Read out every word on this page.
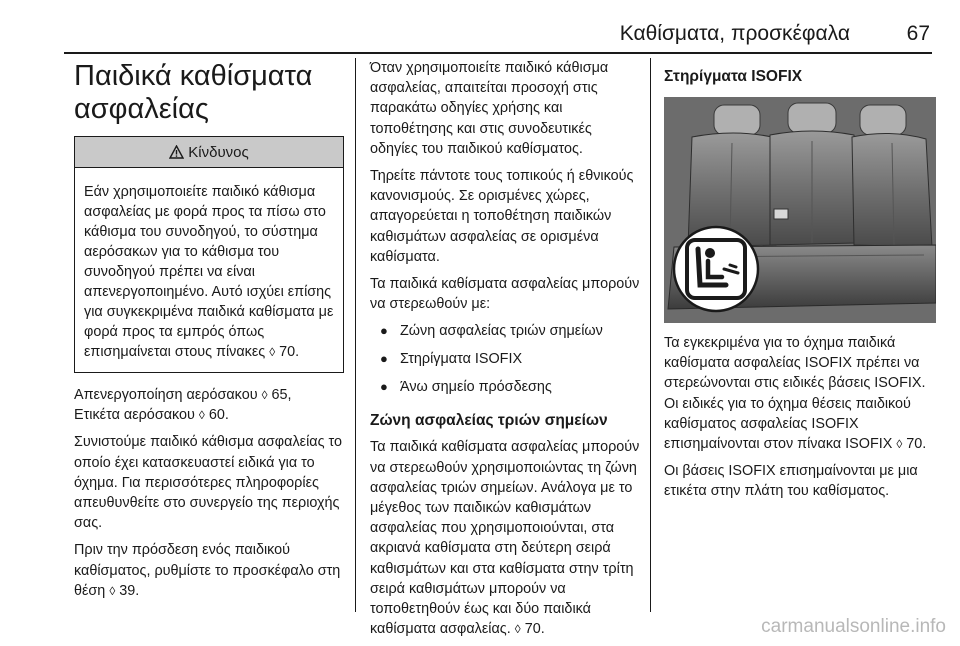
Καθίσματα, προσκέφαλα	67
Παιδικά καθίσματα
ασφαλείας
Κίνδυνος
Εάν χρησιμοποιείτε παιδικό κάθισμα ασφαλείας με φορά προς τα πίσω στο κάθισμα του συνοδηγού, το σύστημα αερόσακων για το κάθισμα του συνοδηγού πρέπει να είναι απενεργοποιημένο. Αυτό ισχύει επίσης για συγκεκριμένα παιδικά καθίσματα με φορά προς τα εμπρός όπως επισημαίνεται στους πίνακες ◊ 70.

Απενεργοποίηση αερόσακου ◊ 65,
Ετικέτα αερόσακου ◊ 60.

Συνιστούμε παιδικό κάθισμα ασφαλείας το οποίο έχει κατασκευαστεί ειδικά για το όχημα. Για περισσότερες πληροφορίες απευθυνθείτε στο συνεργείο της περιοχής σας.

Πριν την πρόσδεση ενός παιδικού καθίσματος, ρυθμίστε το προσκέφαλο στη θέση ◊ 39.

Όταν χρησιμοποιείτε παιδικό κάθισμα ασφαλείας, απαιτείται προσοχή στις παρακάτω οδηγίες χρήσης και τοποθέτησης και στις συνοδευτικές οδηγίες του παιδικού καθίσματος.

Τηρείτε πάντοτε τους τοπικούς ή εθνικούς κανονισμούς. Σε ορισμένες χώρες, απαγορεύεται η τοποθέτηση παιδικών καθισμάτων ασφαλείας σε ορισμένα καθίσματα.

Τα παιδικά καθίσματα ασφαλείας μπορούν να στερεωθούν με:

● Ζώνη ασφαλείας τριών σημείων
● Στηρίγματα ISOFIX
● Άνω σημείο πρόσδεσης
Ζώνη ασφαλείας τριών σημείων

Τα παιδικά καθίσματα ασφαλείας μπορούν να στερεωθούν χρησιμοποιώντας τη ζώνη ασφαλείας τριών σημείων. Ανάλογα με το μέγεθος των παιδικών καθισμάτων ασφαλείας που χρησιμοποιούνται, στα ακριανά καθίσματα στη δεύτερη σειρά καθισμάτων και στα καθίσματα στην τρίτη σειρά καθισμάτων μπορούν να τοποθετηθούν έως και δύο παιδικά καθίσματα ασφαλείας. ◊ 70.

Στηρίγματα ISOFIX

Τα εγκεκριμένα για το όχημα παιδικά καθίσματα ασφαλείας ISOFIX πρέπει να στερεώνονται στις ειδικές βάσεις ISOFIX. Οι ειδικές για το όχημα θέσεις παιδικού καθίσματος ασφαλείας ISOFIX επισημαίνονται στον πίνακα ISOFIX ◊ 70.

Οι βάσεις ISOFIX επισημαίνονται με μια ετικέτα στην πλάτη του καθίσματος.

carmanualsonline.info
